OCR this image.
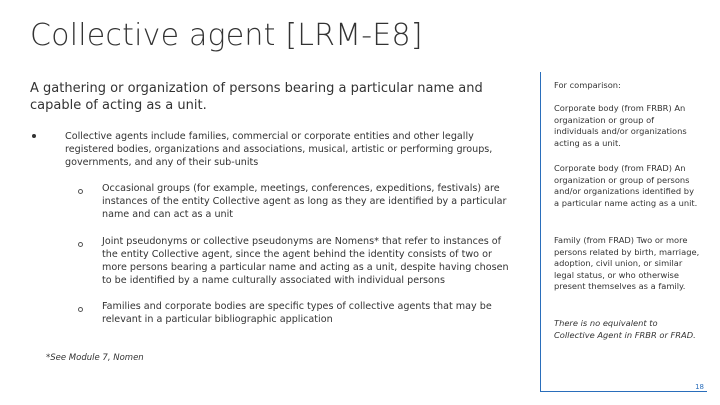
Collective agent [LRM-E8]
A gathering or organization of persons bearing a particular name and capable of acting as a unit.
Collective agents include families, commercial or corporate entities and other legally registered bodies, organizations and associations, musical, artistic or performing groups, governments, and any of their sub-units
Occasional groups (for example, meetings, conferences, expeditions, festivals) are instances of the entity Collective agent as long as they are identified by a particular name and can act as a unit
Joint pseudonyms or collective pseudonyms are Nomens* that refer to instances of the entity Collective agent, since the agent behind the identity consists of two or more persons bearing a particular name and acting as a unit, despite having chosen to be identified by a name culturally associated with individual persons
Families and corporate bodies are specific types of collective agents that may be relevant in a particular bibliographic application
*See Module 7, Nomen
For comparison:
Corporate body (from FRBR) An organization or group of individuals and/or organizations acting as a unit.
Corporate body (from FRAD) An organization or group of persons and/or organizations identified by a particular name acting as a unit.
Family (from FRAD) Two or more persons related by birth, marriage, adoption, civil union, or similar legal status, or who otherwise present themselves as a family.
There is no equivalent to Collective Agent in FRBR or FRAD.
18
